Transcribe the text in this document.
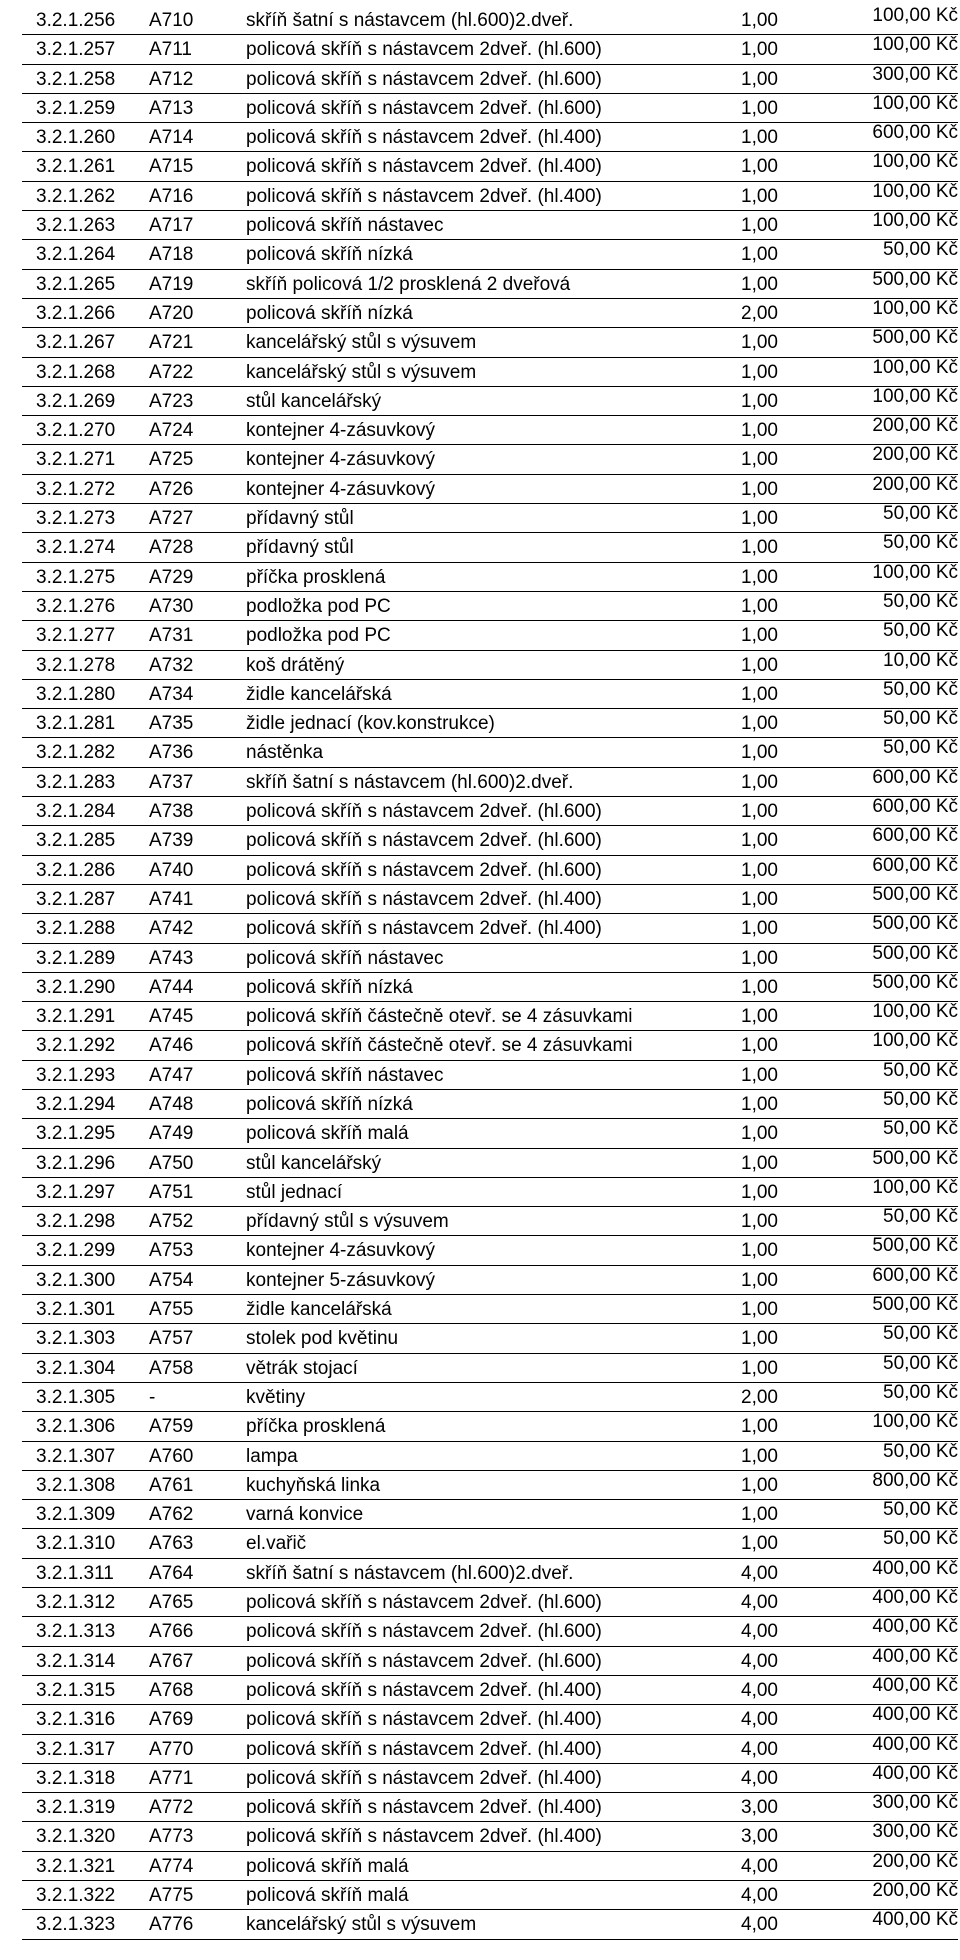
3.2.1.256	A710	skříň šatní s nástavcem (hl.600)2.dveř.	1,00	100,00 Kč
3.2.1.257	A711	policová skříň s nástavcem 2dveř. (hl.600)	1,00	100,00 Kč
3.2.1.258	A712	policová skříň s nástavcem 2dveř. (hl.600)	1,00	300,00 Kč
3.2.1.259	A713	policová skříň s nástavcem 2dveř. (hl.600)	1,00	100,00 Kč
3.2.1.260	A714	policová skříň s nástavcem 2dveř. (hl.400)	1,00	600,00 Kč
3.2.1.261	A715	policová skříň s nástavcem 2dveř. (hl.400)	1,00	100,00 Kč
3.2.1.262	A716	policová skříň s nástavcem 2dveř. (hl.400)	1,00	100,00 Kč
3.2.1.263	A717	policová skříň nástavec	1,00	100,00 Kč
3.2.1.264	A718	policová skříň nízká	1,00	50,00 Kč
3.2.1.265	A719	skříň policová 1/2 prosklená 2 dveřová	1,00	500,00 Kč
3.2.1.266	A720	policová skříň nízká	2,00	100,00 Kč
3.2.1.267	A721	kancelářský stůl s výsuvem	1,00	500,00 Kč
3.2.1.268	A722	kancelářský stůl s výsuvem	1,00	100,00 Kč
3.2.1.269	A723	stůl kancelářský	1,00	100,00 Kč
3.2.1.270	A724	kontejner 4-zásuvkový	1,00	200,00 Kč
3.2.1.271	A725	kontejner 4-zásuvkový	1,00	200,00 Kč
3.2.1.272	A726	kontejner 4-zásuvkový	1,00	200,00 Kč
3.2.1.273	A727	přídavný stůl	1,00	50,00 Kč
3.2.1.274	A728	přídavný stůl	1,00	50,00 Kč
3.2.1.275	A729	příčka prosklená	1,00	100,00 Kč
3.2.1.276	A730	podložka pod PC	1,00	50,00 Kč
3.2.1.277	A731	podložka pod PC	1,00	50,00 Kč
3.2.1.278	A732	koš drátěný	1,00	10,00 Kč
3.2.1.280	A734	židle kancelářská	1,00	50,00 Kč
3.2.1.281	A735	židle jednací (kov.konstrukce)	1,00	50,00 Kč
3.2.1.282	A736	nástěnka	1,00	50,00 Kč
3.2.1.283	A737	skříň šatní s nástavcem (hl.600)2.dveř.	1,00	600,00 Kč
3.2.1.284	A738	policová skříň s nástavcem 2dveř. (hl.600)	1,00	600,00 Kč
3.2.1.285	A739	policová skříň s nástavcem 2dveř. (hl.600)	1,00	600,00 Kč
3.2.1.286	A740	policová skříň s nástavcem 2dveř. (hl.600)	1,00	600,00 Kč
3.2.1.287	A741	policová skříň s nástavcem 2dveř. (hl.400)	1,00	500,00 Kč
3.2.1.288	A742	policová skříň s nástavcem 2dveř. (hl.400)	1,00	500,00 Kč
3.2.1.289	A743	policová skříň nástavec	1,00	500,00 Kč
3.2.1.290	A744	policová skříň nízká	1,00	500,00 Kč
3.2.1.291	A745	policová skříň částečně otevř. se 4 zásuvkami	1,00	100,00 Kč
3.2.1.292	A746	policová skříň částečně otevř. se 4 zásuvkami	1,00	100,00 Kč
3.2.1.293	A747	policová skříň nástavec	1,00	50,00 Kč
3.2.1.294	A748	policová skříň nízká	1,00	50,00 Kč
3.2.1.295	A749	policová skříň malá	1,00	50,00 Kč
3.2.1.296	A750	stůl kancelářský	1,00	500,00 Kč
3.2.1.297	A751	stůl jednací	1,00	100,00 Kč
3.2.1.298	A752	přídavný stůl s výsuvem	1,00	50,00 Kč
3.2.1.299	A753	kontejner 4-zásuvkový	1,00	500,00 Kč
3.2.1.300	A754	kontejner 5-zásuvkový	1,00	600,00 Kč
3.2.1.301	A755	židle kancelářská	1,00	500,00 Kč
3.2.1.303	A757	stolek pod květinu	1,00	50,00 Kč
3.2.1.304	A758	větrák stojací	1,00	50,00 Kč
3.2.1.305	-	květiny	2,00	50,00 Kč
3.2.1.306	A759	příčka prosklená	1,00	100,00 Kč
3.2.1.307	A760	lampa	1,00	50,00 Kč
3.2.1.308	A761	kuchyňská linka	1,00	800,00 Kč
3.2.1.309	A762	varná konvice	1,00	50,00 Kč
3.2.1.310	A763	el.vařič	1,00	50,00 Kč
3.2.1.311	A764	skříň šatní s nástavcem (hl.600)2.dveř.	4,00	400,00 Kč
3.2.1.312	A765	policová skříň s nástavcem 2dveř. (hl.600)	4,00	400,00 Kč
3.2.1.313	A766	policová skříň s nástavcem 2dveř. (hl.600)	4,00	400,00 Kč
3.2.1.314	A767	policová skříň s nástavcem 2dveř. (hl.600)	4,00	400,00 Kč
3.2.1.315	A768	policová skříň s nástavcem 2dveř. (hl.400)	4,00	400,00 Kč
3.2.1.316	A769	policová skříň s nástavcem 2dveř. (hl.400)	4,00	400,00 Kč
3.2.1.317	A770	policová skříň s nástavcem 2dveř. (hl.400)	4,00	400,00 Kč
3.2.1.318	A771	policová skříň s nástavcem 2dveř. (hl.400)	4,00	400,00 Kč
3.2.1.319	A772	policová skříň s nástavcem 2dveř. (hl.400)	3,00	300,00 Kč
3.2.1.320	A773	policová skříň s nástavcem 2dveř. (hl.400)	3,00	300,00 Kč
3.2.1.321	A774	policová skříň malá	4,00	200,00 Kč
3.2.1.322	A775	policová skříň malá	4,00	200,00 Kč
3.2.1.323	A776	kancelářský stůl s výsuvem	4,00	400,00 Kč
